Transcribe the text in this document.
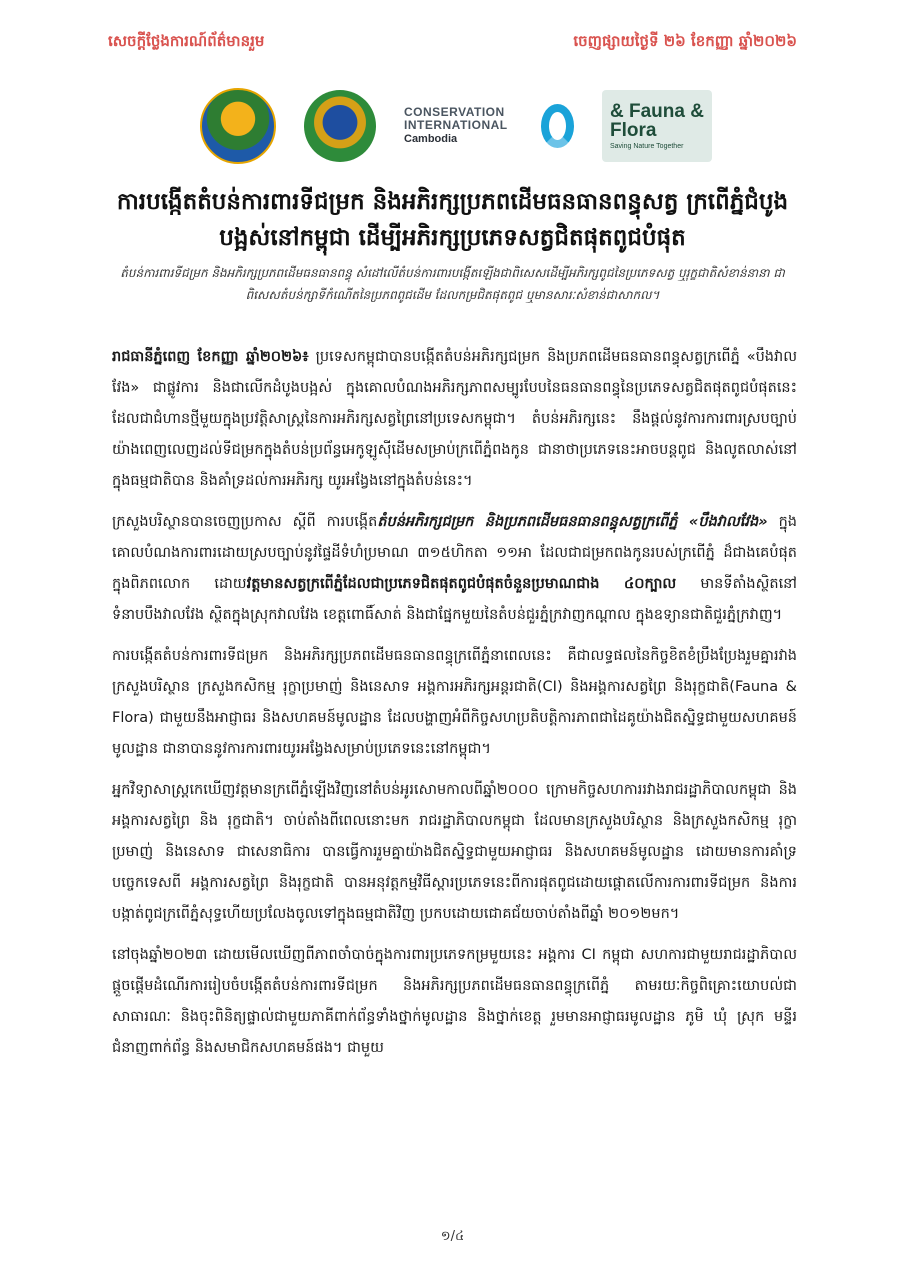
សេចក្តីថ្លែងការណ៍ព័ត៌មានរួម	ចេញផ្សាយថ្ងៃទី ២៦ ខែកញ្ញា ឆ្នាំ២០២៦
CONSERVATION INTERNATIONAL
Cambodia
& Fauna & Flora
Saving Nature Together
ការបង្កើតតំបន់ការពារទីជម្រក និងអភិរក្សប្រភពដើមធនធានពន្ធុសត្វ ក្រពើភ្នំជំបូងបង្អស់នៅកម្ពុជា ដើម្បីអភិរក្សប្រភេទសត្វជិតផុតពូជបំផុត
តំបន់ការពារទីជម្រក និងអភិរក្សប្រភពដើមធនធានពន្ធុ សំដៅលើតំបន់ការពារបង្កើតឡើងជាពិសេសដើម្បីអភិរក្សពូជនៃប្រភេទសត្វ ឬរុក្ខជាតិសំខាន់នានា ជាពិសេសតំបន់ក្សាទីកំណើតនៃប្រភពពូជដើម ដែលកម្រជិតផុតពូជ ឬមានសារៈសំខាន់ជាសាកល។

រាជធានីភ្នំពេញ ខែកញ្ញា ឆ្នាំ២០២៦៖ ប្រទេសកម្ពុជាបានបង្កើតតំបន់អភិរក្សជម្រក និងប្រភពដើមធនធានពន្ធុសត្វក្រពើភ្នំ «បឹងវាលវែង» ជាផ្លូវការ និងជាលើកដំបូងបង្អស់ ក្នុងគោលបំណងអភិរក្សភាពសម្បូរបែបនៃធនធានពន្ធុនៃប្រភេទសត្វជិតផុតពូជបំផុតនេះ ដែលជាជំហានថ្មីមួយក្នុងប្រវត្តិសាស្ត្រនៃការអភិរក្សសត្វព្រៃនៅប្រទេសកម្ពុជា។ តំបន់អភិរក្សនេះ នឹងផ្តល់នូវការការពារស្របច្បាប់យ៉ាងពេញលេញដល់ទីជម្រកក្នុងតំបន់ប្រព័ន្ធអេកូឡូស៊ីដើមសម្រាប់ក្រពើភ្នំពងកូន ជានាថាប្រភេទនេះអាចបន្តពូជ និងលូតលាស់នៅក្នុងធម្មជាតិបាន និងគាំទ្រដល់ការអភិរក្ស យូរអង្វែងនៅក្នុងតំបន់នេះ។

ក្រសួងបរិស្ថានបានចេញប្រកាស ស្តីពី ការបង្កើតតំបន់អភិរក្សជម្រក និងប្រភពដើមធនធានពន្ធុសត្វក្រពើភ្នំ «បឹងវាលវែង» ក្នុងគោលបំណងការពារដោយស្របច្បាប់នូវផ្ទៃដីទំហំប្រមាណ ៣១៥ហិកតា ១១អា ដែលជាជម្រកពងកូនរបស់ក្រពើភ្នំ ដ៏ជាងគេបំផុតក្នុងពិភពលោក ដោយវត្តមានសត្វក្រពើភ្នំដែលជាប្រភេទជិតផុតពូជបំផុតចំនួនប្រមាណជាង ៤០ក្បាល មានទីតាំងស្ថិតនៅទំនាបបឹងវាលវែង ស្ថិតក្នុងស្រុកវាលវែង ខេត្តពោធិ៍សាត់ និងជាផ្នែកមួយនៃតំបន់ជួរភ្នំក្រវាញកណ្តាល ក្នុងឧទ្យានជាតិជួរភ្នំក្រវាញ។

ការបង្កើតតំបន់ការពារទីជម្រក និងអភិរក្សប្រភពដើមធនធានពន្ធុក្រពើភ្នំនាពេលនេះ គឺជាលទ្ធផលនៃកិច្ចខិតខំប្រឹងប្រែងរួមគ្នារវាងក្រសួងបរិស្ថាន ក្រសួងកសិកម្ម រុក្ខាប្រមាញ់ និងនេសាទ អង្គការអភិរក្សអន្តរជាតិ(CI) និងអង្គការសត្វព្រៃ និងរុក្ខជាតិ(Fauna & Flora) ជាមួយនឹងអាជ្ញាធរ និងសហគមន៍មូលដ្ឋាន ដែលបង្ហាញអំពីកិច្ចសហប្រតិបត្តិការភាពជាដៃគូយ៉ាងជិតស្និទ្ធជាមួយសហគមន៍មូលដ្ឋាន ជានាបាននូវការការពារយូរអង្វែងសម្រាប់ប្រភេទនេះនៅកម្ពុជា។

អ្នកវិទ្យាសាស្ត្រកេឃើញវត្តមានក្រពើភ្នំឡើងវិញនៅតំបន់អូរសោមកាលពីឆ្នាំ២០០០ ក្រោមកិច្ចសហការរវាងរាជរដ្ឋាភិបាលកម្ពុជា និងអង្គការសត្វព្រៃ និង រុក្ខជាតិ។ ចាប់តាំងពីពេលនោះមក រាជរដ្ឋាភិបាលកម្ពុជា ដែលមានក្រសួងបរិស្ថាន និងក្រសួងកសិកម្ម រុក្ខាប្រមាញ់ និងនេសាទ ជាសេនាធិការ បានធ្វើការរួមគ្នាយ៉ាងជិតស្និទ្ធជាមួយអាជ្ញាធរ និងសហគមន៍មូលដ្ឋាន ដោយមានការគាំទ្របច្ចេកទេសពី អង្គការសត្វព្រៃ និងរុក្ខជាតិ បានអនុវត្តកម្មវិធីស្តារប្រភេទនេះពីការផុតពូជដោយផ្តោតលើការការពារទីជម្រក និងការបង្កាត់ពូជក្រពើភ្នំសុទ្ធហើយប្រលែងចូលទៅក្នុងធម្មជាតិវិញ ប្រកបដោយជោគជ័យចាប់តាំងពីឆ្នាំ ២០១២មក។

នៅចុងឆ្នាំ២០២៣ ដោយមើលឃើញពីភាពចាំបាច់ក្នុងការពារប្រភេទកម្រមួយនេះ អង្គការ CI កម្ពុជា សហការជាមួយរាជរដ្ឋាភិបាលផ្តួចផ្តើមដំណើរការរៀបចំបង្កើតតំបន់ការពារទីជម្រក និងអភិរក្សប្រភពដើមធនធានពន្ធុក្រពើភ្នំ តាមរយៈកិច្ចពិគ្រោះយោបល់ជាសាធារណៈ និងចុះពិនិត្យផ្ទាល់ជាមួយភាគីពាក់ព័ន្ធទាំងថ្នាក់មូលដ្ឋាន និងថ្នាក់ខេត្ត រួមមានអាជ្ញាធរមូលដ្ឋាន ភូមិ ឃុំ ស្រុក មន្ទីរជំនាញពាក់ព័ន្ធ និងសមាជិកសហគមន៍ផង។ ជាមួយ

១/៤
